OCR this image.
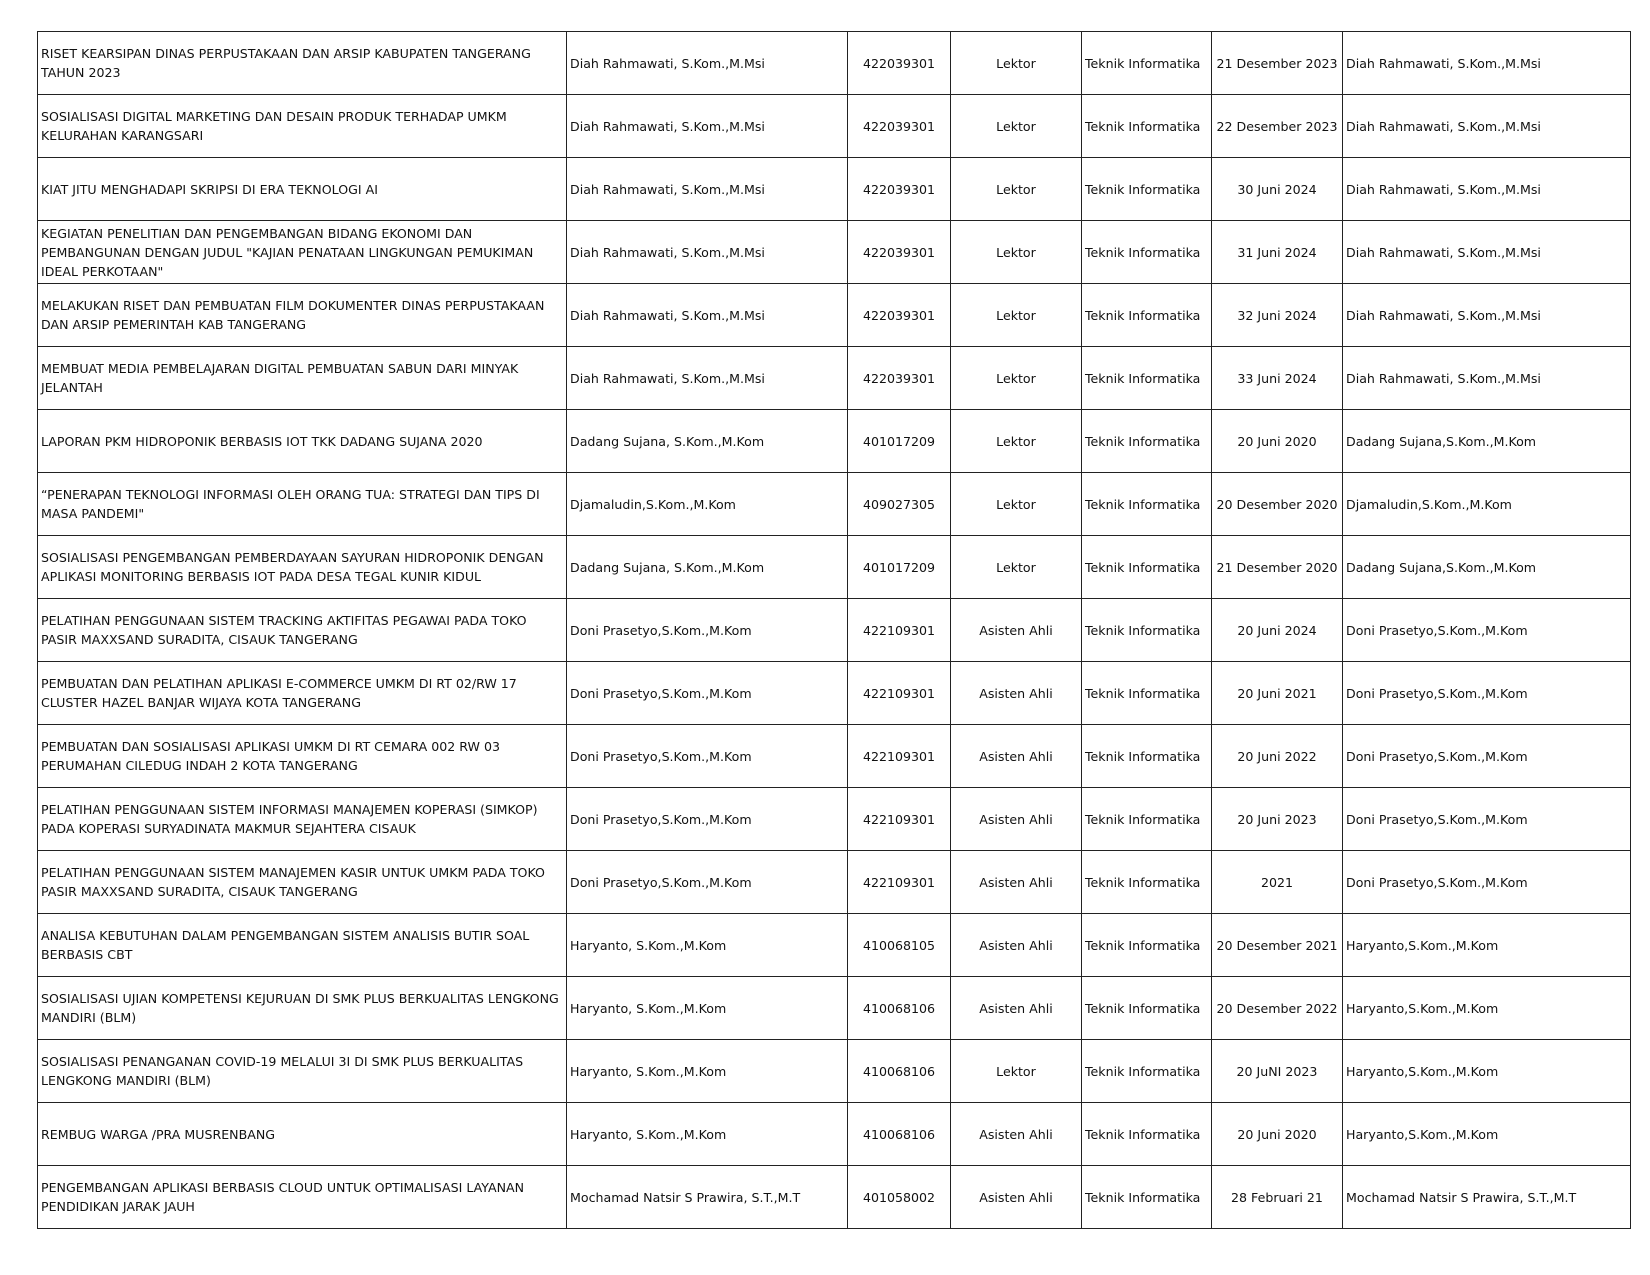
RISET KEARSIPAN DINAS PERPUSTAKAAN DAN ARSIP KABUPATEN TANGERANG TAHUN 2023	Diah Rahmawati, S.Kom.,M.Msi	422039301	Lektor	Teknik Informatika	21 Desember 2023	Diah Rahmawati, S.Kom.,M.Msi
SOSIALISASI DIGITAL MARKETING DAN DESAIN PRODUK TERHADAP UMKM KELURAHAN KARANGSARI	Diah Rahmawati, S.Kom.,M.Msi	422039301	Lektor	Teknik Informatika	22 Desember 2023	Diah Rahmawati, S.Kom.,M.Msi
KIAT JITU MENGHADAPI SKRIPSI DI ERA TEKNOLOGI AI	Diah Rahmawati, S.Kom.,M.Msi	422039301	Lektor	Teknik Informatika	30 Juni 2024	Diah Rahmawati, S.Kom.,M.Msi
KEGIATAN PENELITIAN DAN PENGEMBANGAN BIDANG EKONOMI DAN PEMBANGUNAN DENGAN JUDUL "KAJIAN PENATAAN LINGKUNGAN PEMUKIMAN IDEAL PERKOTAAN"	Diah Rahmawati, S.Kom.,M.Msi	422039301	Lektor	Teknik Informatika	31 Juni 2024	Diah Rahmawati, S.Kom.,M.Msi
MELAKUKAN RISET DAN PEMBUATAN FILM DOKUMENTER DINAS PERPUSTAKAAN DAN ARSIP PEMERINTAH KAB TANGERANG	Diah Rahmawati, S.Kom.,M.Msi	422039301	Lektor	Teknik Informatika	32 Juni 2024	Diah Rahmawati, S.Kom.,M.Msi
MEMBUAT MEDIA PEMBELAJARAN DIGITAL PEMBUATAN SABUN DARI MINYAK JELANTAH	Diah Rahmawati, S.Kom.,M.Msi	422039301	Lektor	Teknik Informatika	33 Juni 2024	Diah Rahmawati, S.Kom.,M.Msi
LAPORAN PKM HIDROPONIK BERBASIS IOT TKK DADANG SUJANA 2020	Dadang Sujana, S.Kom.,M.Kom	401017209	Lektor	Teknik Informatika	20 Juni 2020	Dadang Sujana,S.Kom.,M.Kom
“PENERAPAN TEKNOLOGI INFORMASI OLEH ORANG TUA: STRATEGI DAN TIPS DI MASA PANDEMI"	Djamaludin,S.Kom.,M.Kom	409027305	Lektor	Teknik Informatika	20 Desember 2020	Djamaludin,S.Kom.,M.Kom
SOSIALISASI PENGEMBANGAN PEMBERDAYAAN SAYURAN HIDROPONIK DENGAN APLIKASI MONITORING BERBASIS IOT PADA DESA TEGAL KUNIR KIDUL	Dadang Sujana, S.Kom.,M.Kom	401017209	Lektor	Teknik Informatika	21 Desember 2020	Dadang Sujana,S.Kom.,M.Kom
PELATIHAN PENGGUNAAN SISTEM TRACKING AKTIFITAS PEGAWAI PADA TOKO PASIR MAXXSAND SURADITA, CISAUK TANGERANG	Doni Prasetyo,S.Kom.,M.Kom	422109301	Asisten Ahli	Teknik Informatika	20 Juni 2024	Doni Prasetyo,S.Kom.,M.Kom
PEMBUATAN DAN PELATIHAN APLIKASI E-COMMERCE UMKM DI RT 02/RW 17 CLUSTER HAZEL BANJAR WIJAYA KOTA TANGERANG	Doni Prasetyo,S.Kom.,M.Kom	422109301	Asisten Ahli	Teknik Informatika	20 Juni 2021	Doni Prasetyo,S.Kom.,M.Kom
PEMBUATAN DAN SOSIALISASI APLIKASI UMKM DI RT CEMARA 002 RW 03 PERUMAHAN CILEDUG INDAH 2 KOTA TANGERANG	Doni Prasetyo,S.Kom.,M.Kom	422109301	Asisten Ahli	Teknik Informatika	20 Juni 2022	Doni Prasetyo,S.Kom.,M.Kom
PELATIHAN PENGGUNAAN SISTEM INFORMASI MANAJEMEN KOPERASI (SIMKOP) PADA KOPERASI SURYADINATA MAKMUR SEJAHTERA CISAUK	Doni Prasetyo,S.Kom.,M.Kom	422109301	Asisten Ahli	Teknik Informatika	20 Juni 2023	Doni Prasetyo,S.Kom.,M.Kom
PELATIHAN PENGGUNAAN SISTEM MANAJEMEN KASIR UNTUK UMKM PADA TOKO PASIR MAXXSAND SURADITA, CISAUK TANGERANG	Doni Prasetyo,S.Kom.,M.Kom	422109301	Asisten Ahli	Teknik Informatika	2021	Doni Prasetyo,S.Kom.,M.Kom
ANALISA KEBUTUHAN DALAM PENGEMBANGAN SISTEM ANALISIS BUTIR SOAL BERBASIS CBT	Haryanto, S.Kom.,M.Kom	410068105	Asisten Ahli	Teknik Informatika	20 Desember 2021	Haryanto,S.Kom.,M.Kom
SOSIALISASI UJIAN KOMPETENSI KEJURUAN DI SMK PLUS BERKUALITAS LENGKONG MANDIRI (BLM)	Haryanto, S.Kom.,M.Kom	410068106	Asisten Ahli	Teknik Informatika	20 Desember 2022	Haryanto,S.Kom.,M.Kom
SOSIALISASI PENANGANAN COVID-19 MELALUI 3I DI SMK PLUS BERKUALITAS LENGKONG MANDIRI (BLM)	Haryanto, S.Kom.,M.Kom	410068106	Lektor	Teknik Informatika	20 JuNI 2023	Haryanto,S.Kom.,M.Kom
REMBUG WARGA /PRA MUSRENBANG	Haryanto, S.Kom.,M.Kom	410068106	Asisten Ahli	Teknik Informatika	20 Juni 2020	Haryanto,S.Kom.,M.Kom
PENGEMBANGAN APLIKASI BERBASIS CLOUD UNTUK OPTIMALISASI LAYANAN PENDIDIKAN JARAK JAUH	Mochamad Natsir S Prawira, S.T.,M.T	401058002	Asisten Ahli	Teknik Informatika	28 Februari 21	Mochamad Natsir S Prawira, S.T.,M.T
